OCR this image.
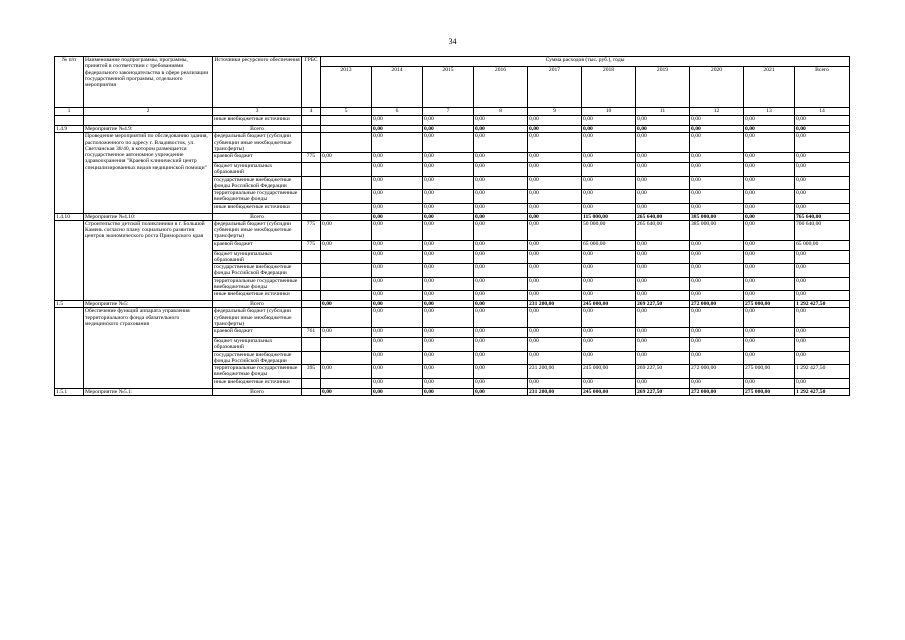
34
№ п/п	Наименование подпрограммы, программы, принятой в соответствии с требованиями федерального законодательства в сфере реализации государственной программы, отдельного мероприятия	Источники ресурсного обеспечения	ГРБС	Сумма расходов (тыс. руб.), годы									
				2013	2014	2015	2016	2017	2018	2019	2020	2021	Всего
1	2	3	4	5	6	7	8	9	10	11	12	13	14
		иные внебюджетные источники			0,00	0,00	0,00	0,00	0,00	0,00	0,00	0,00	0,00
1.4.9	Мероприятие №4.9:	Всего			0,00	0,00	0,00	0,00	0,00	0,00	0,00	0,00	0,00
	Проведение мероприятий по обследованию здания, расположенного по адресу г. Владивосток, ул. Светланская 38/40, в котором размещается государственное автономное учреждение здравоохранения "Краевой клинический центр специализированных видов медицинской помощи"	федеральный бюджет (субсидии субвенции иные межбюджетные трансферты)			0,00	0,00	0,00	0,00	0,00	0,00	0,00	0,00	0,00
		краевой бюджет	775	0,00	0,00	0,00	0,00	0,00	0,00	0,00	0,00	0,00	0,00
		бюджет муниципальных образований			0,00	0,00	0,00	0,00	0,00	0,00	0,00	0,00	0,00
		государственные внебюджетные фонды Российской Федерации			0,00	0,00	0,00	0,00	0,00	0,00	0,00	0,00	0,00
		территориальные государственные внебюджетные фонды			0,00	0,00	0,00	0,00	0,00	0,00	0,00	0,00	0,00
		иные внебюджетные источники			0,00	0,00	0,00	0,00	0,00	0,00	0,00	0,00	0,00
1.4.10	Мероприятие №4.10:	Всего			0,00	0,00	0,00	0,00	115 000,00	265 640,00	385 000,00	0,00	765 640,00
	Строительство детской поликлиники в г. Большой Камень согласно плану социального развития центров экономического роста Приморского края	федеральный бюджет (субсидии субвенции иные межбюджетные трансферты)	775	0,00	0,00	0,00	0,00	0,00	50 000,00	265 640,00	385 000,00	0,00	700 640,00
		краевой бюджет	775	0,00	0,00	0,00	0,00	0,00	65 000,00	0,00	0,00	0,00	65 000,00
		бюджет муниципальных образований			0,00	0,00	0,00	0,00	0,00	0,00	0,00	0,00	0,00
		государственные внебюджетные фонды Российской Федерации			0,00	0,00	0,00	0,00	0,00	0,00	0,00	0,00	0,00
		территориальные государственные внебюджетные фонды			0,00	0,00	0,00	0,00	0,00	0,00	0,00	0,00	0,00
		иные внебюджетные источники			0,00	0,00	0,00	0,00	0,00	0,00	0,00	0,00	0,00
1.5	Мероприятие №5:	Всего		0,00	0,00	0,00	0,00	231 200,00	245 000,00	269 227,50	272 000,00	275 000,00	1 292 427,50
	Обеспечение функций аппарата управления территориального фонда обязательного медицинского страхования	федеральный бюджет (субсидии субвенции иные межбюджетные трансферты)			0,00	0,00	0,00	0,00	0,00	0,00	0,00	0,00	0,00
		краевой бюджет	761	0,00	0,00	0,00	0,00	0,00	0,00	0,00	0,00	0,00	0,00
		бюджет муниципальных образований			0,00	0,00	0,00	0,00	0,00	0,00	0,00	0,00	0,00
		государственные внебюджетные фонды Российской Федерации			0,00	0,00	0,00	0,00	0,00	0,00	0,00	0,00	0,00
		территориальные государственные внебюджетные фонды	395	0,00	0,00	0,00	0,00	231 200,00	245 000,00	269 227,50	272 000,00	275 000,00	1 292 427,50
		иные внебюджетные источники			0,00	0,00	0,00	0,00	0,00	0,00	0,00	0,00	0,00
1.5.1	Мероприятие №5.1:	Всего		0,00	0,00	0,00	0,00	231 200,00	245 000,00	269 227,50	272 000,00	275 000,00	1 292 427,50
